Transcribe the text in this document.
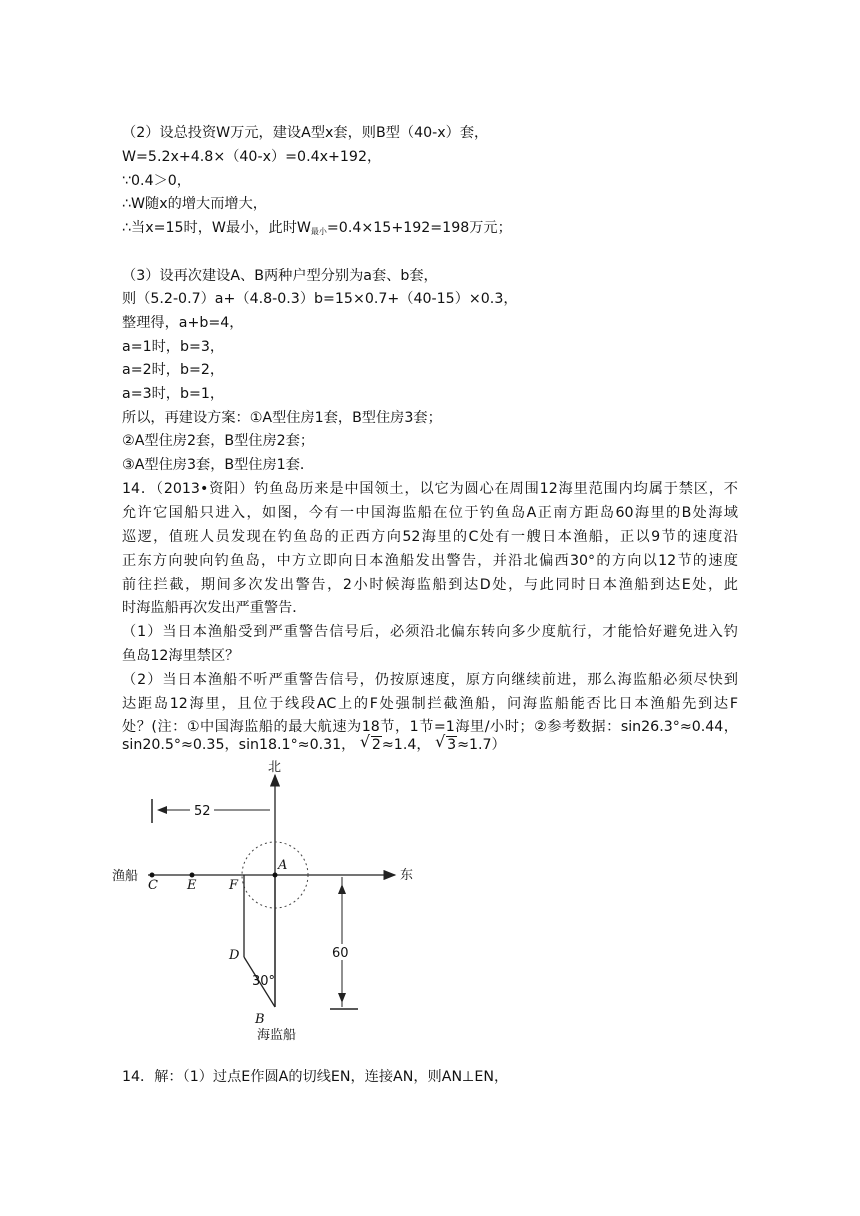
（2）设总投资W万元，建设A型x套，则B型（40-x）套，
W=5.2x+4.8×（40-x）=0.4x+192，
∵0.4＞0，
∴W随x的增大而增大，
∴当x=15时，W最小，此时$W_{最小}=0.4\times 15+192=198$万元；
（3）设再次建设A、B两种户型分别为a套、b套，
则（5.2-0.7）a+（4.8-0.3）b=15×0.7+（40-15）×0.3，
整理得，a+b=4，
a=1时，b=3，
a=2时，b=2，
a=3时，b=1，
所以，再建设方案：①A型住房1套，B型住房3套；
②A型住房2套，B型住房2套；
③A型住房3套，B型住房1套．
14．（2013•资阳）钓鱼岛历来是中国领土，以它为圆心在周围12海里范围内均属于禁区，不
允许它国船只进入，如图，今有一中国海监船在位于钓鱼岛A正南方距岛60海里的B处海域
巡逻，值班人员发现在钓鱼岛的正西方向52海里的C处有一艘日本渔船，正以9节的速度沿
正东方向驶向钓鱼岛，中方立即向日本渔船发出警告，并沿北偏西30°的方向以12节的速度
前往拦截，期间多次发出警告，2小时候海监船到达D处，与此同时日本渔船到达E处，此
时海监船再次发出严重警告．
（1）当日本渔船受到严重警告信号后，必须沿北偏东转向多少度航行，才能恰好避免进入钓
鱼岛12海里禁区？
（2）当日本渔船不听严重警告信号，仍按原速度，原方向继续前进，那么海监船必须尽快到
达距岛12海里，且位于线段AC上的F处强制拦截渔船，问海监船能否比日本渔船先到达F
处？(注：①中国海监船的最大航速为18节，1节=1海里/小时；②参考数据：sin26.3°≈0.44，
sin20.5°≈0.35，sin18.1°≈0.31， √ 2≈1.4， √ 3≈1.7）
北
东
52
60
A
B
C
D
E	F
30°
渔船
海监船
14．解：（1）过点E作圆A的切线EN，连接AN，则AN⊥EN，
